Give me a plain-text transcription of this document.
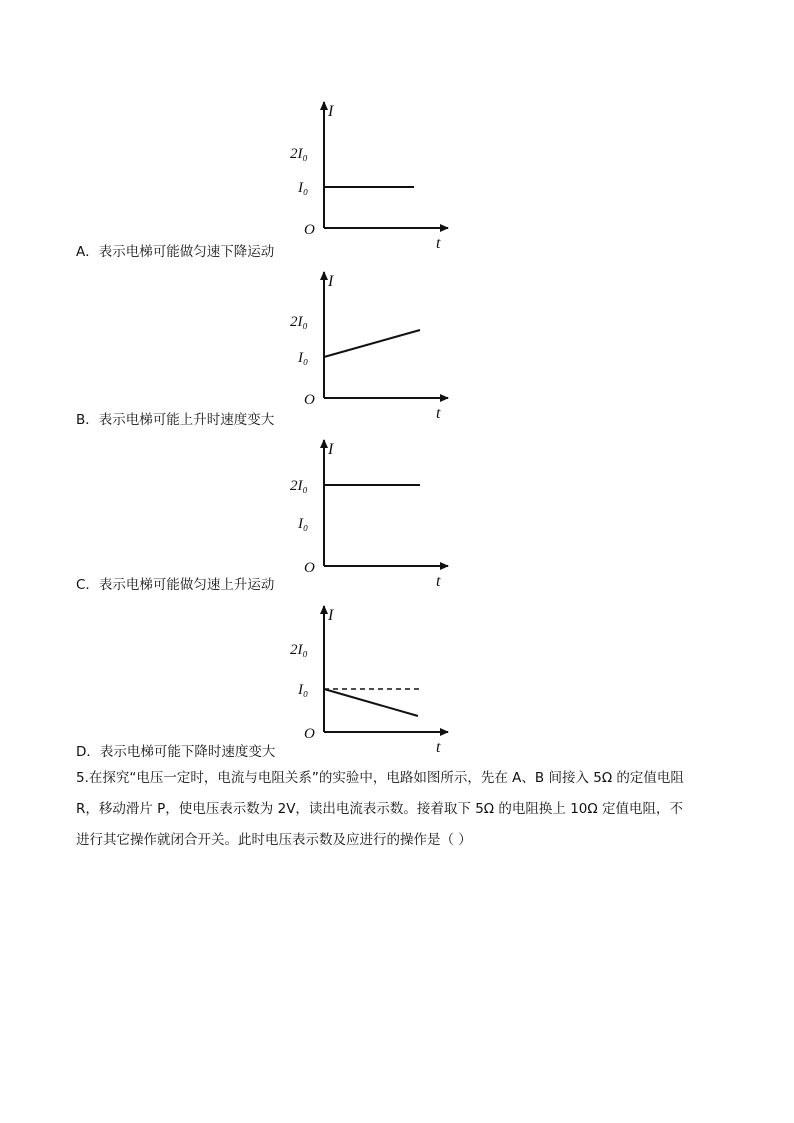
I
t
O
2I₀
I₀
A．表示电梯可能做匀速下降运动
I
t
O
2I₀
I₀
B．表示电梯可能上升时速度变大
I
t
O
2I₀
I₀
C．表示电梯可能做匀速上升运动
I
t
O
2I₀
I₀
D．表示电梯可能下降时速度变大
5.在探究“电压一定时，电流与电阻关系”的实验中，电路如图所示，先在 A、B 间接入 5Ω 的定值电阻
R，移动滑片 P，使电压表示数为 2V，读出电流表示数。接着取下 5Ω 的电阻换上 10Ω 定值电阻，不
进行其它操作就闭合开关。此时电压表示数及应进行的操作是（ ）
